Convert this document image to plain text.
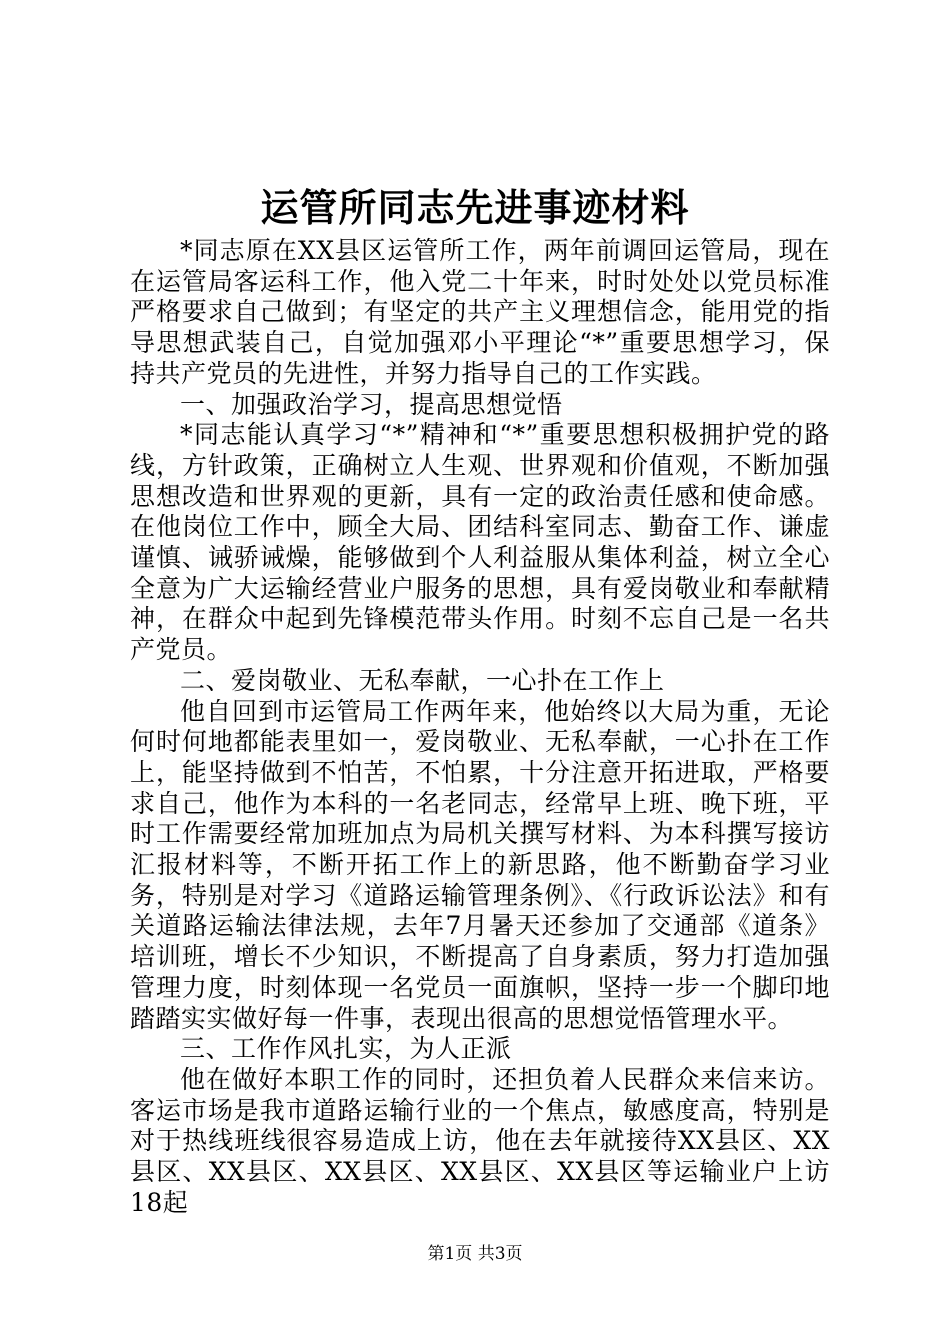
运管所同志先进事迹材料

*同志原在XX县区运管所工作，两年前调回运管局，现在在运管局客运科工作，他入党二十年来，时时处处以党员标准严格要求自己做到；有坚定的共产主义理想信念，能用党的指导思想武装自己，自觉加强邓小平理论“*”重要思想学习，保持共产党员的先进性，并努力指导自己的工作实践。

一、加强政治学习，提高思想觉悟

*同志能认真学习“*”精神和“*”重要思想积极拥护党的路线，方针政策，正确树立人生观、世界观和价值观，不断加强思想改造和世界观的更新，具有一定的政治责任感和使命感。在他岗位工作中，顾全大局、团结科室同志、勤奋工作、谦虚谨慎、诫骄诫燥，能够做到个人利益服从集体利益，树立全心全意为广大运输经营业户服务的思想，具有爱岗敬业和奉献精神，在群众中起到先锋模范带头作用。时刻不忘自己是一名共产党员。

二、爱岗敬业、无私奉献，一心扑在工作上

他自回到市运管局工作两年来，他始终以大局为重，无论何时何地都能表里如一，爱岗敬业、无私奉献，一心扑在工作上，能坚持做到不怕苦，不怕累，十分注意开拓进取，严格要求自己，他作为本科的一名老同志，经常早上班、晚下班，平时工作需要经常加班加点为局机关撰写材料、为本科撰写接访汇报材料等，不断开拓工作上的新思路，他不断勤奋学习业务，特别是对学习《道路运输管理条例》、《行政诉讼法》和有关道路运输法律法规，去年7月暑天还参加了交通部《道条》培训班，增长不少知识，不断提高了自身素质，努力打造加强管理力度，时刻体现一名党员一面旗帜，坚持一步一个脚印地踏踏实实做好每一件事，表现出很高的思想觉悟管理水平。

三、工作作风扎实，为人正派

他在做好本职工作的同时，还担负着人民群众来信来访。客运市场是我市道路运输行业的一个焦点，敏感度高，特别是对于热线班线很容易造成上访，他在去年就接待XX县区、XX县区、XX县区、XX县区、XX县区、XX县区等运输业户上访18起

第1页 共3页
